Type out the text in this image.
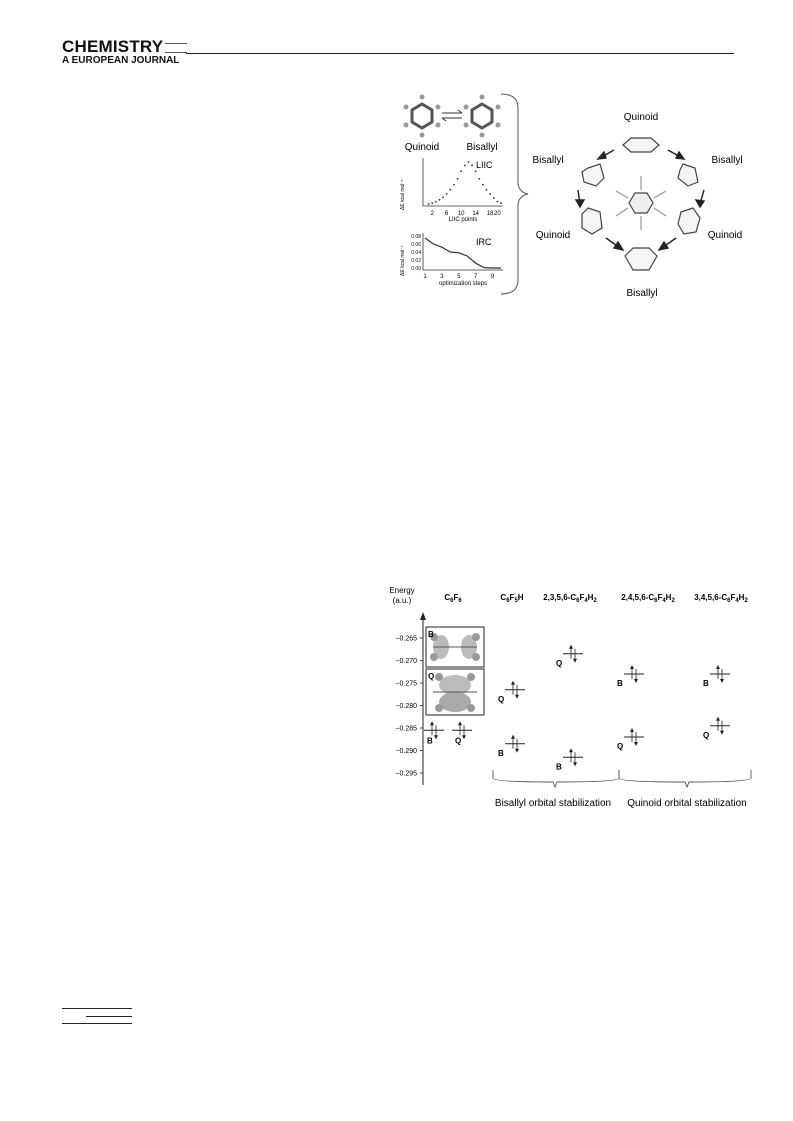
CHEMISTRY
A EUROPEAN JOURNAL
Quinoid	Bisallyl
LIIC
ΔE kcal mol⁻¹
2 6 10 14 18 20
LIIC points
IRC
ΔE kcal mol⁻¹
0.08
0.06
0.04
0.02
0.00
1 3 5 7 9
optimization steps
Quinoid
Bisallyl	Bisallyl
Quinoid	Quinoid
Bisallyl
Energy
(a.u.)
−0.265
−0.270
−0.275
−0.280
−0.285
−0.290
−0.295
$C_6F_6$	$C_6F_5H$ $2,3,5,6-C_6F_4H_2$	$2,4,5,6-C_6F_4H_2$ $3,4,5,6-C_6F_4H_2$
B
Q
B
B
B
B	B
Q
Q
Q
Q
Q
Bisallyl orbital stabilization Quinoid orbital stabilization
